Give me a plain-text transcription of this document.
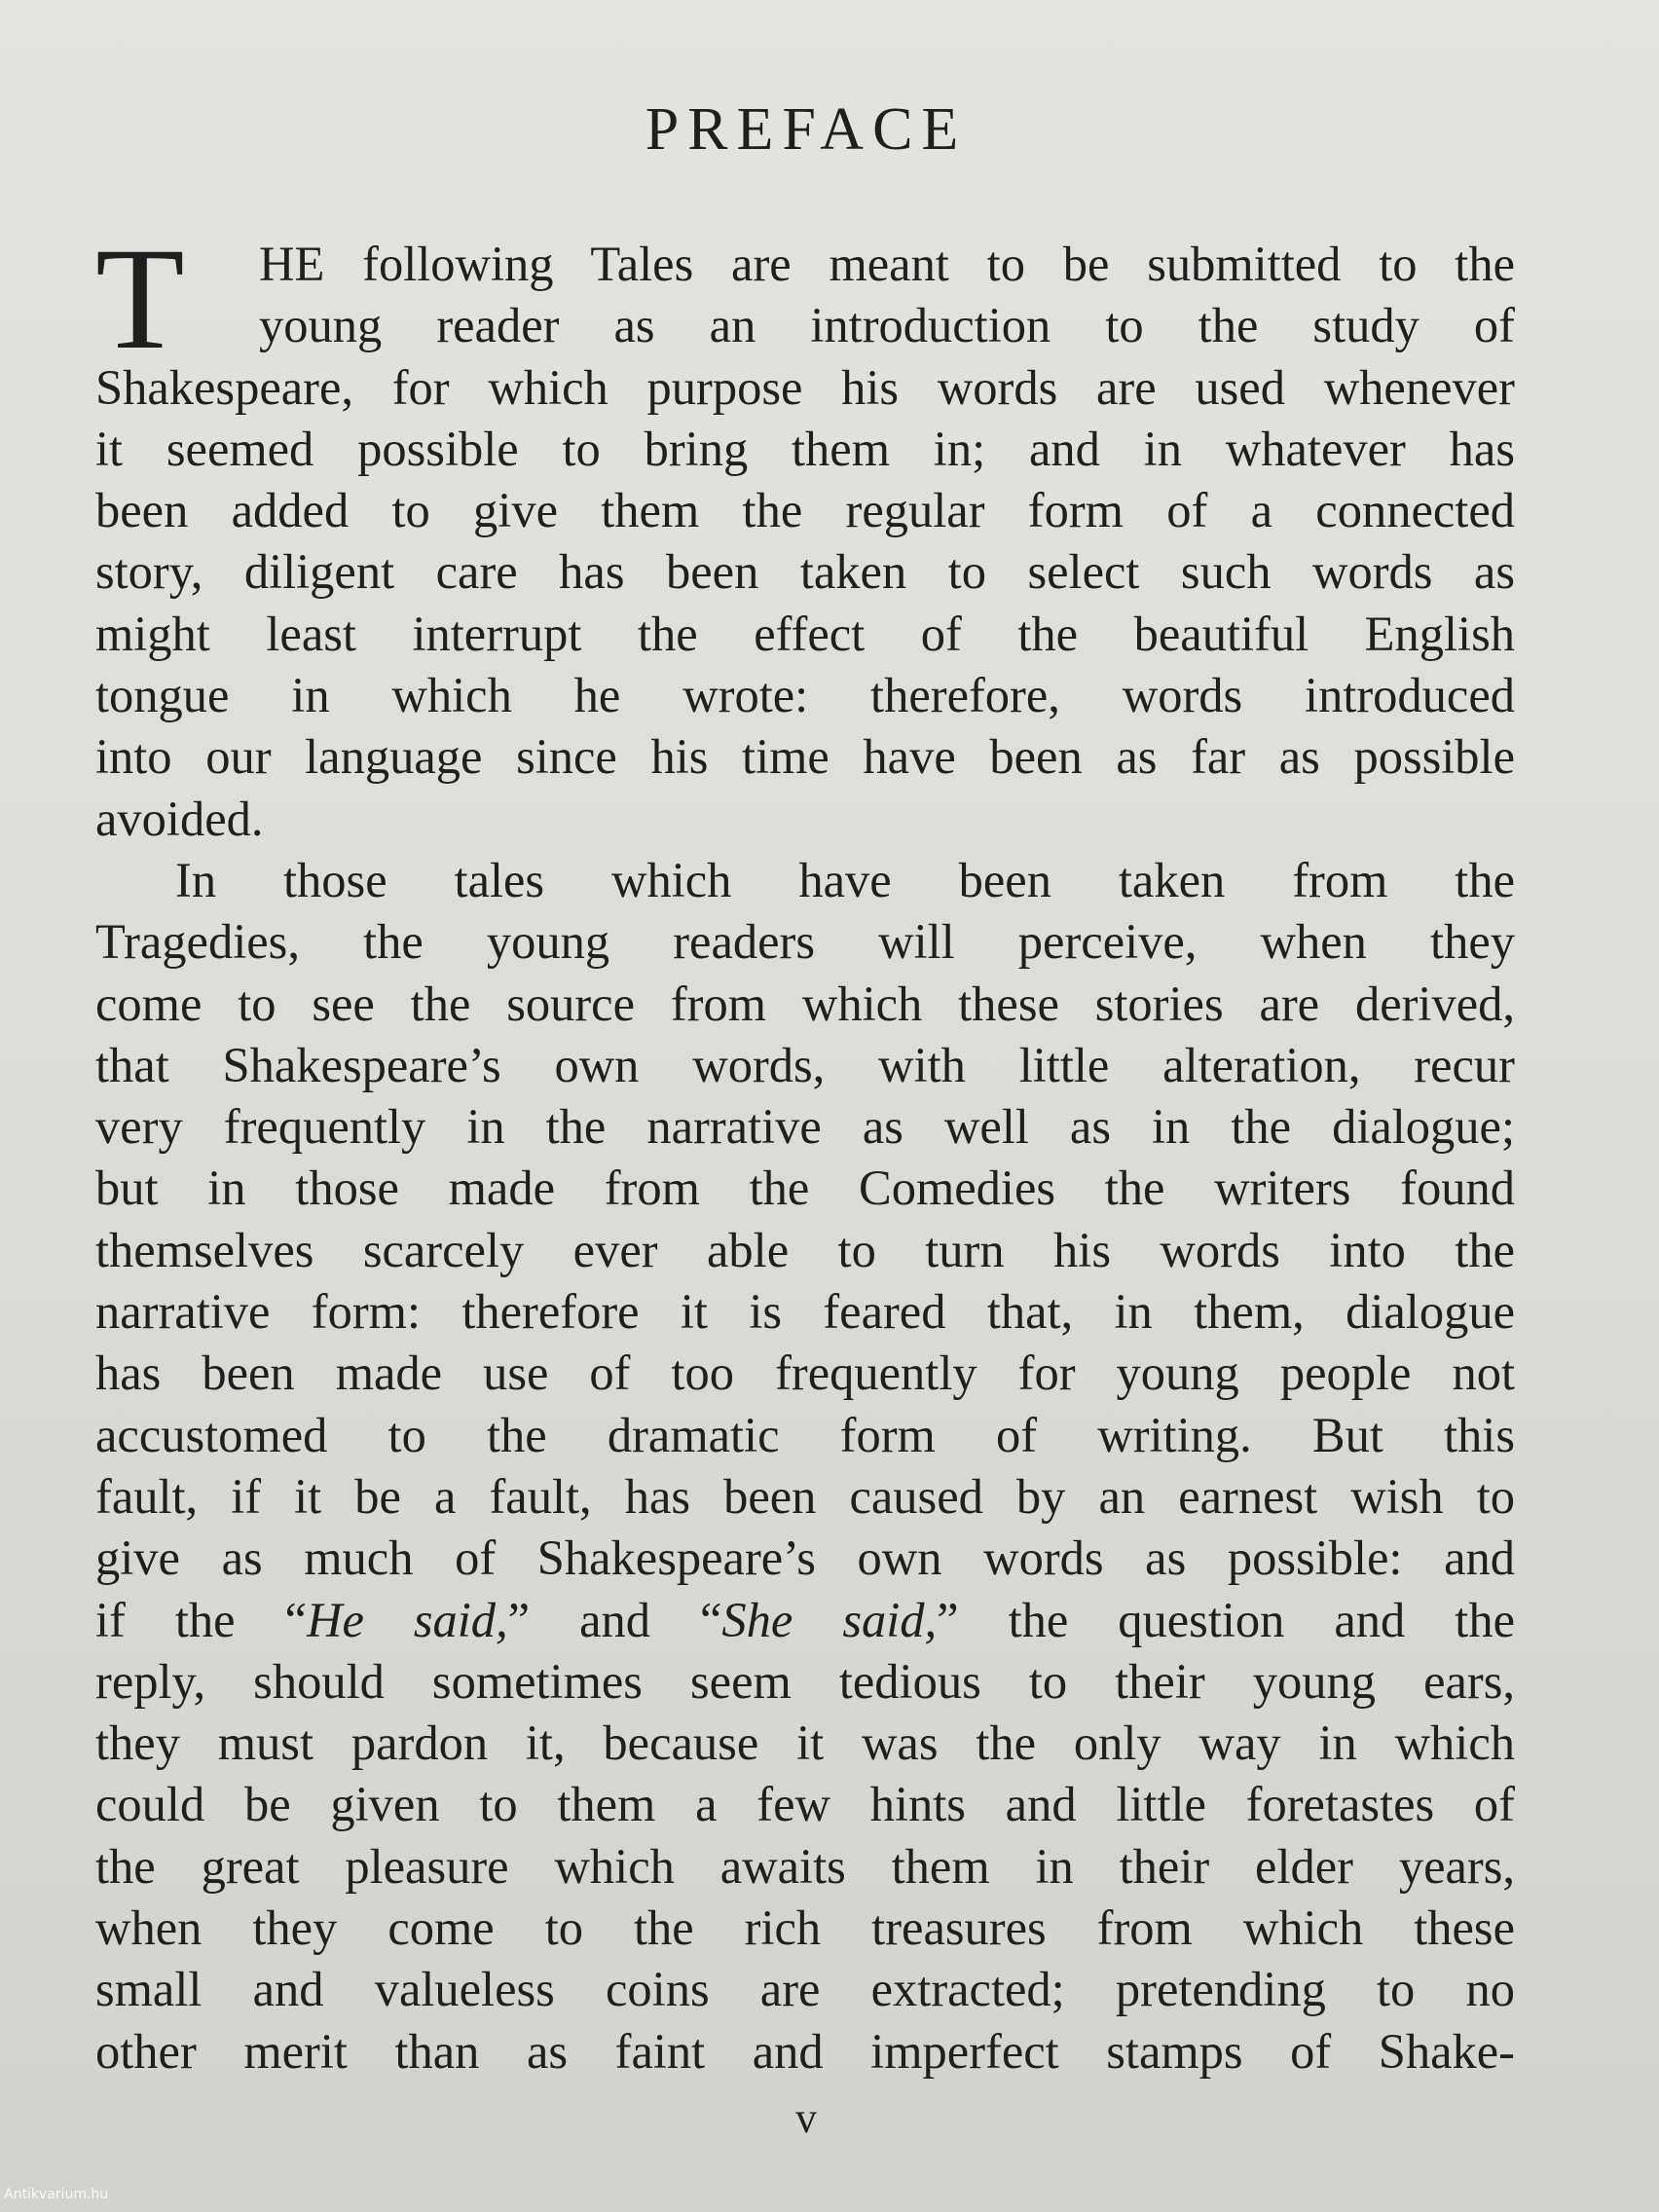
PREFACE
T	HE following Tales are meant to be submitted to the
young reader as an introduction to the study of
Shakespeare, for which purpose his words are used whenever
it seemed possible to bring them in; and in whatever has
been added to give them the regular form of a connected
story, diligent care has been taken to select such words as
might least interrupt the effect of the beautiful English
tongue in which he wrote: therefore, words introduced
into our language since his time have been as far as possible
avoided.
In those tales which have been taken from the
Tragedies, the young readers will perceive, when they
come to see the source from which these stories are derived,
that Shakespeare’s own words, with little alteration, recur
very frequently in the narrative as well as in the dialogue;
but in those made from the Comedies the writers found
themselves scarcely ever able to turn his words into the
narrative form: therefore it is feared that, in them, dialogue
has been made use of too frequently for young people not
accustomed to the dramatic form of writing. But this
fault, if it be a fault, has been caused by an earnest wish to
give as much of Shakespeare’s own words as possible: and
if the “He said,” and “She said,” the question and the
reply, should sometimes seem tedious to their young ears,
they must pardon it, because it was the only way in which
could be given to them a few hints and little foretastes of
the great pleasure which awaits them in their elder years,
when they come to the rich treasures from which these
small and valueless coins are extracted; pretending to no
other merit than as faint and imperfect stamps of Shake-
v
Antikvarium.hu
